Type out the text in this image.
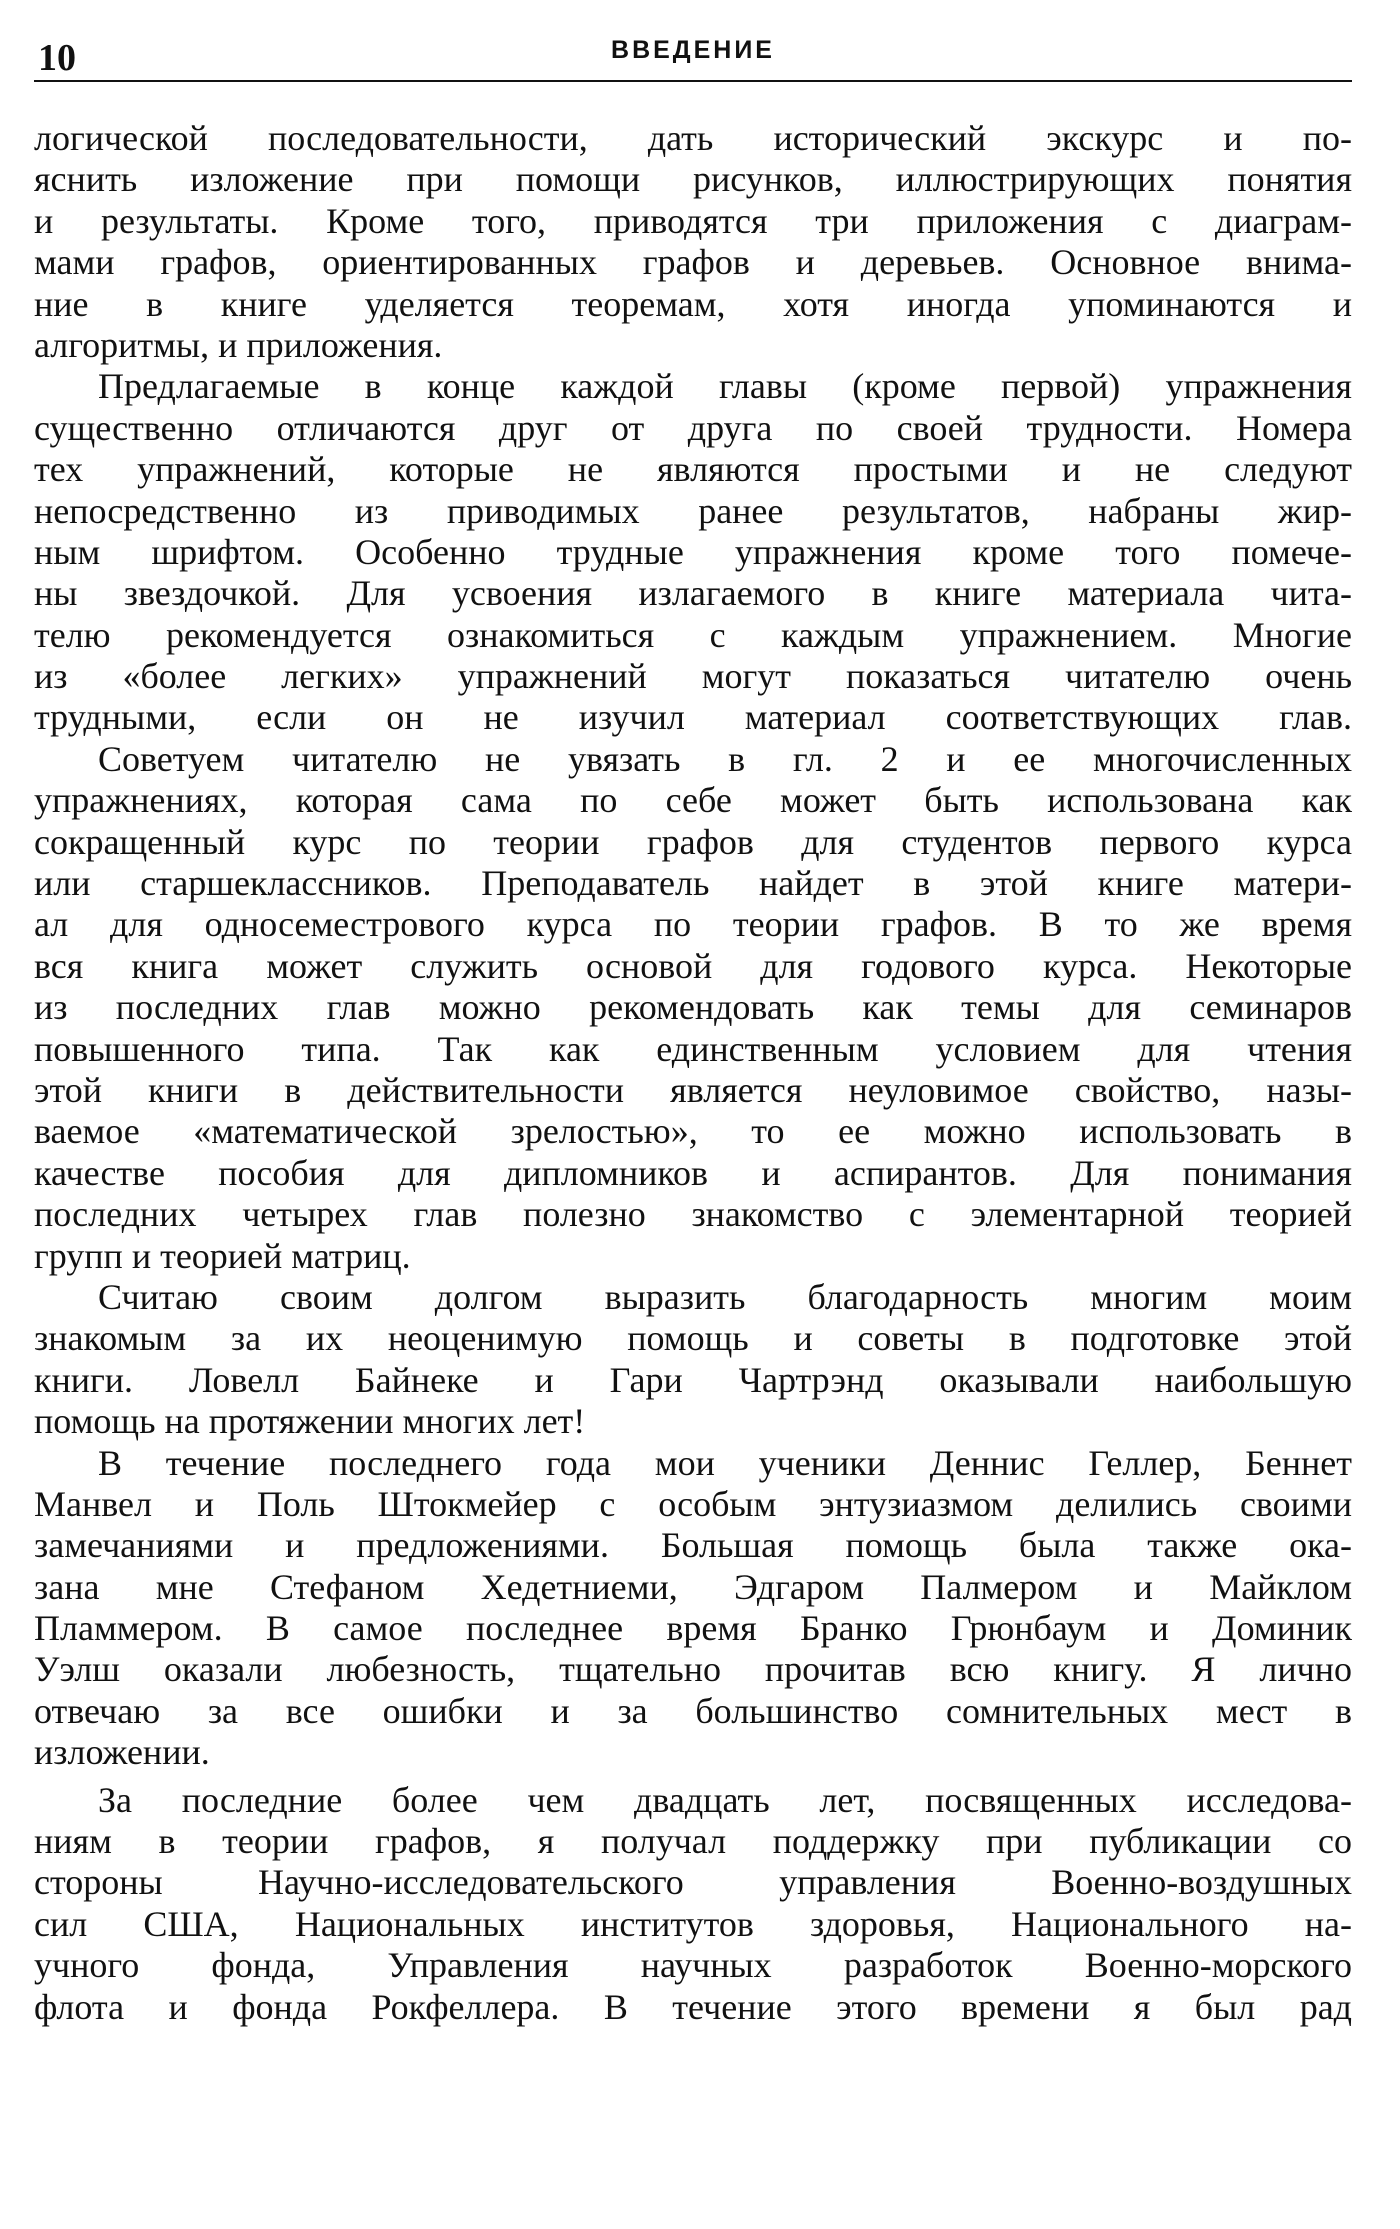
10	ВВЕДЕНИЕ
логической последовательности, дать исторический экскурс и по-
яснить изложение при помощи рисунков, иллюстрирующих понятия
и результаты. Кроме того, приводятся три приложения с диаграм-
мами графов, ориентированных графов и деревьев. Основное внима-
ние в книге уделяется теоремам, хотя иногда упоминаются и
алгоритмы, и приложения.
Предлагаемые в конце каждой главы (кроме первой) упражнения
существенно отличаются друг от друга по своей трудности. Номера
тех упражнений, которые не являются простыми и не следуют
непосредственно из приводимых ранее результатов, набраны жир-
ным шрифтом. Особенно трудные упражнения кроме того помече-
ны звездочкой. Для усвоения излагаемого в книге материала чита-
телю рекомендуется ознакомиться с каждым упражнением. Многие
из «более легких» упражнений могут показаться читателю очень
трудными, если он не изучил материал соответствующих глав.
Советуем читателю не увязать в гл. 2 и ее многочисленных
упражнениях, которая сама по себе может быть использована как
сокращенный курс по теории графов для студентов первого курса
или старшеклассников. Преподаватель найдет в этой книге матери-
ал для односеместрового курса по теории графов. В то же время
вся книга может служить основой для годового курса. Некоторые
из последних глав можно рекомендовать как темы для семинаров
повышенного типа. Так как единственным условием для чтения
этой книги в действительности является неуловимое свойство, назы-
ваемое «математической зрелостью», то ее можно использовать в
качестве пособия для дипломников и аспирантов. Для понимания
последних четырех глав полезно знакомство с элементарной теорией
групп и теорией матриц.
Считаю своим долгом выразить благодарность многим моим
знакомым за их неоценимую помощь и советы в подготовке этой
книги. Ловелл Байнеке и Гари Чартрэнд оказывали наибольшую
помощь на протяжении многих лет!
В течение последнего года мои ученики Деннис Геллер, Беннет
Манвел и Поль Штокмейер с особым энтузиазмом делились своими
замечаниями и предложениями. Большая помощь была также ока-
зана мне Стефаном Хедетниеми, Эдгаром Палмером и Майклом
Пламмером. В самое последнее время Бранко Грюнбаум и Доминик
Уэлш оказали любезность, тщательно прочитав всю книгу. Я лично
отвечаю за все ошибки и за большинство сомнительных мест в
изложении.
За последние более чем двадцать лет, посвященных исследова-
ниям в теории графов, я получал поддержку при публикации со
стороны Научно-исследовательского управления Военно-воздушных
сил США, Национальных институтов здоровья, Национального на-
учного фонда, Управления научных разработок Военно-морского
флота и фонда Рокфеллера. В течение этого времени я был рад
